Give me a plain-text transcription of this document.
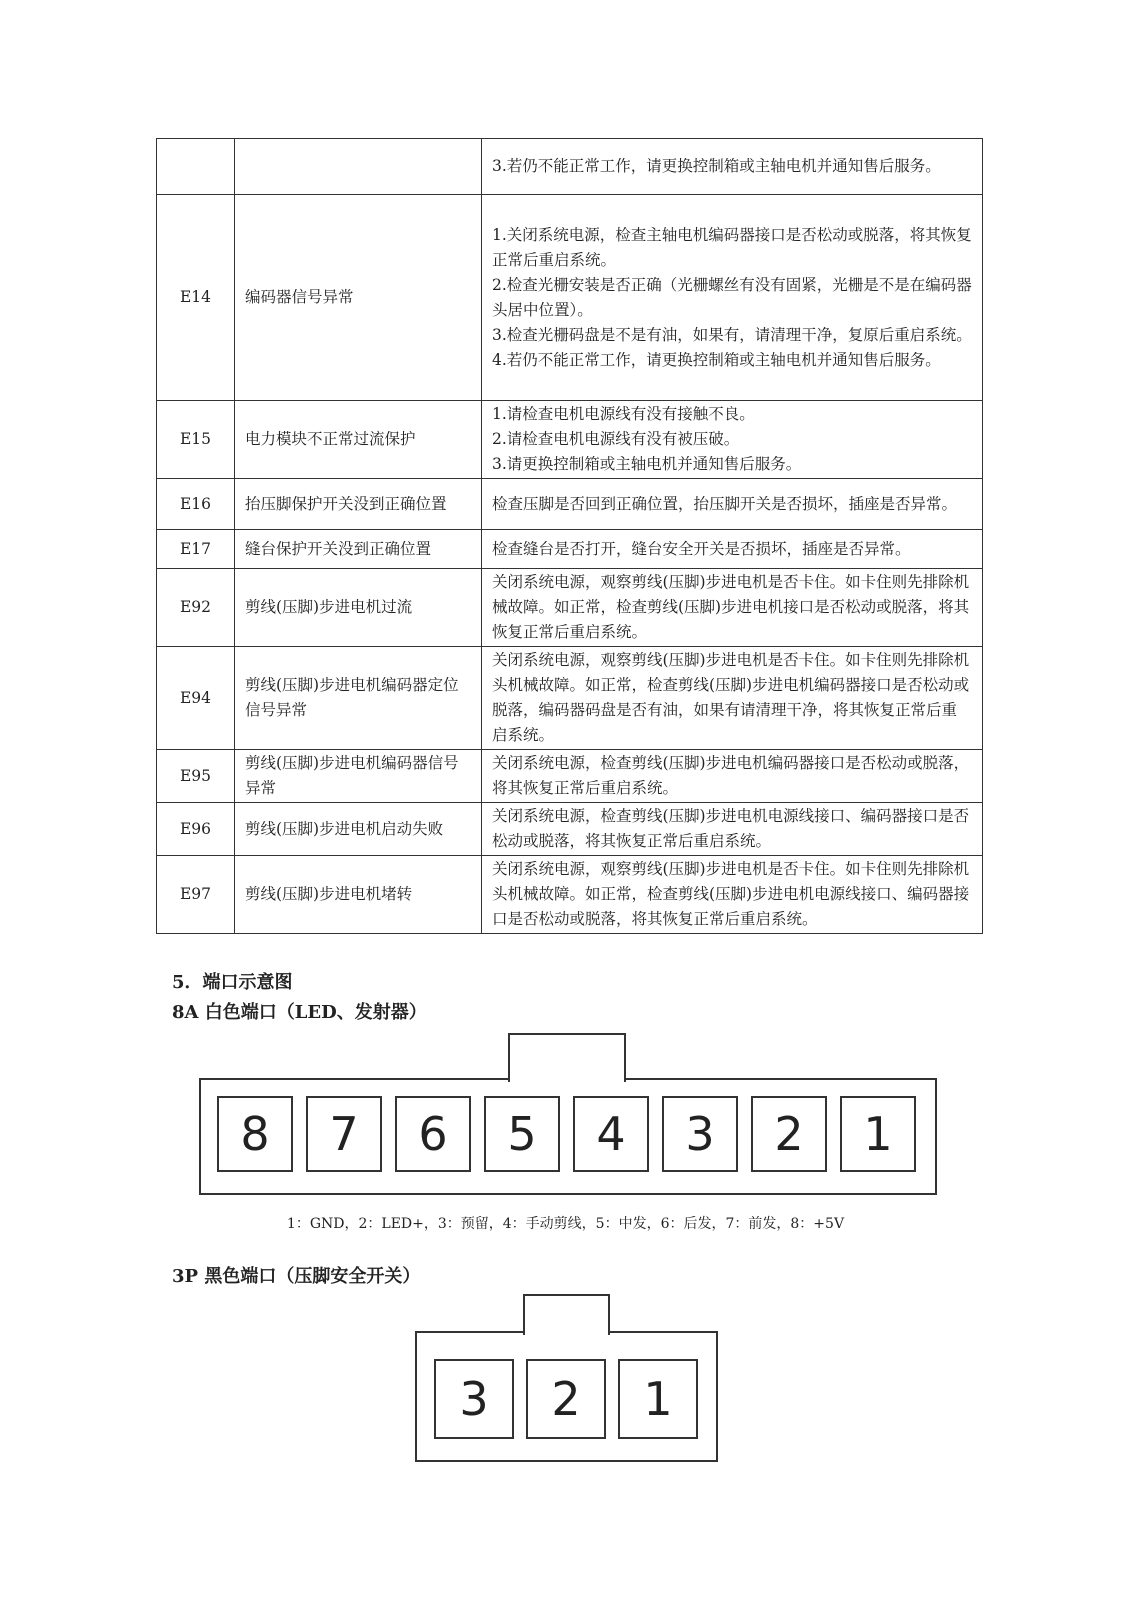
		3.若仍不能正常工作，请更换控制箱或主轴电机并通知售后服务。

E14	编码器信号异常	1.关闭系统电源，检查主轴电机编码器接口是否松动或脱落，将其恢复正常后重启系统。
2.检查光栅安装是否正确（光栅螺丝有没有固紧，光栅是不是在编码器头居中位置）。
3.检查光栅码盘是不是有油，如果有，请清理干净，复原后重启系统。
4.若仍不能正常工作，请更换控制箱或主轴电机并通知售后服务。

E15	电力模块不正常过流保护	1.请检查电机电源线有没有接触不良。
2.请检查电机电源线有没有被压破。
3.请更换控制箱或主轴电机并通知售后服务。

E16	抬压脚保护开关没到正确位置	检查压脚是否回到正确位置，抬压脚开关是否损坏，插座是否异常。

E17	缝台保护开关没到正确位置	检查缝台是否打开，缝台安全开关是否损坏，插座是否异常。

E92	剪线(压脚)步进电机过流	关闭系统电源，观察剪线(压脚)步进电机是否卡住。如卡住则先排除机械故障。如正常，检查剪线(压脚)步进电机接口是否松动或脱落，将其恢复正常后重启系统。

E94	剪线(压脚)步进电机编码器定位信号异常	关闭系统电源，观察剪线(压脚)步进电机是否卡住。如卡住则先排除机头机械故障。如正常，检查剪线(压脚)步进电机编码器接口是否松动或脱落，编码器码盘是否有油，如果有请清理干净，将其恢复正常后重启系统。

E95	剪线(压脚)步进电机编码器信号异常	关闭系统电源，检查剪线(压脚)步进电机编码器接口是否松动或脱落，将其恢复正常后重启系统。

E96	剪线(压脚)步进电机启动失败	关闭系统电源，检查剪线(压脚)步进电机电源线接口、编码器接口是否松动或脱落，将其恢复正常后重启系统。

E97	剪线(压脚)步进电机堵转	关闭系统电源，观察剪线(压脚)步进电机是否卡住。如卡住则先排除机头机械故障。如正常，检查剪线(压脚)步进电机电源线接口、编码器接口是否松动或脱落，将其恢复正常后重启系统。
5．端口示意图
8A 白色端口（LED、发射器）
8	7	6	5	4	3	2	1
1：GND，2：LED+，3：预留，4：手动剪线，5：中发，6：后发，7：前发，8：+5V
3P 黑色端口（压脚安全开关）
3	2	1
